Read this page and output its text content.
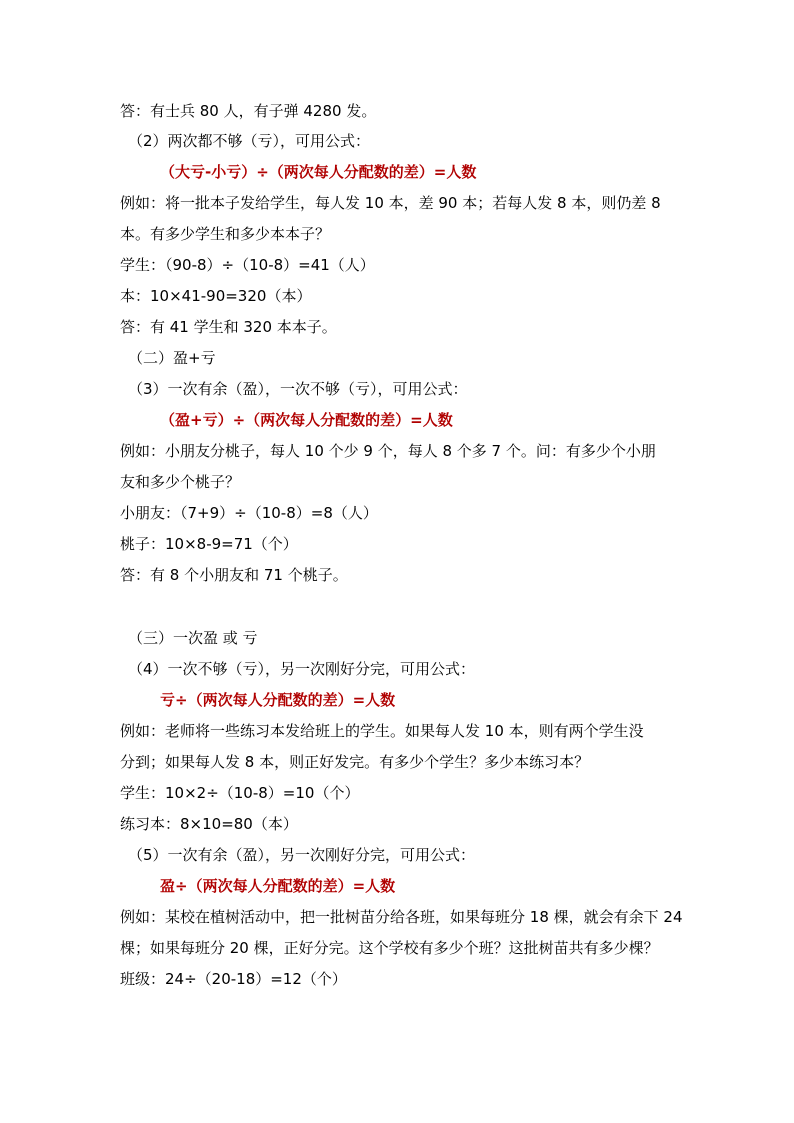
答：有士兵 80 人，有子弹 4280 发。
（2）两次都不够（亏），可用公式：
（大亏-小亏）÷（两次每人分配数的差）=人数
例如：将一批本子发给学生，每人发 10 本，差 90 本；若每人发 8 本，则仍差 8
本。有多少学生和多少本本子？
学生：（90-8）÷（10-8）=41（人）
本：10×41-90=320（本）
答：有 41 学生和 320 本本子。
（二）盈+亏
（3）一次有余（盈），一次不够（亏），可用公式：
（盈+亏）÷（两次每人分配数的差）=人数
例如：小朋友分桃子，每人 10 个少 9 个，每人 8 个多 7 个。问：有多少个小朋
友和多少个桃子？
小朋友：（7+9）÷（10-8）=8（人）
桃子：10×8-9=71（个）
答：有 8 个小朋友和 71 个桃子。
（三）一次盈 或 亏
（4）一次不够（亏），另一次刚好分完，可用公式：
亏÷（两次每人分配数的差）=人数
例如：老师将一些练习本发给班上的学生。如果每人发 10 本，则有两个学生没
分到；如果每人发 8 本，则正好发完。有多少个学生？多少本练习本？
学生：10×2÷（10-8）=10（个）
练习本：8×10=80（本）
（5）一次有余（盈），另一次刚好分完，可用公式：
盈÷（两次每人分配数的差）=人数
例如：某校在植树活动中，把一批树苗分给各班，如果每班分 18 棵，就会有余下 24
棵；如果每班分 20 棵，正好分完。这个学校有多少个班？这批树苗共有多少棵？
班级：24÷（20-18）=12（个）
